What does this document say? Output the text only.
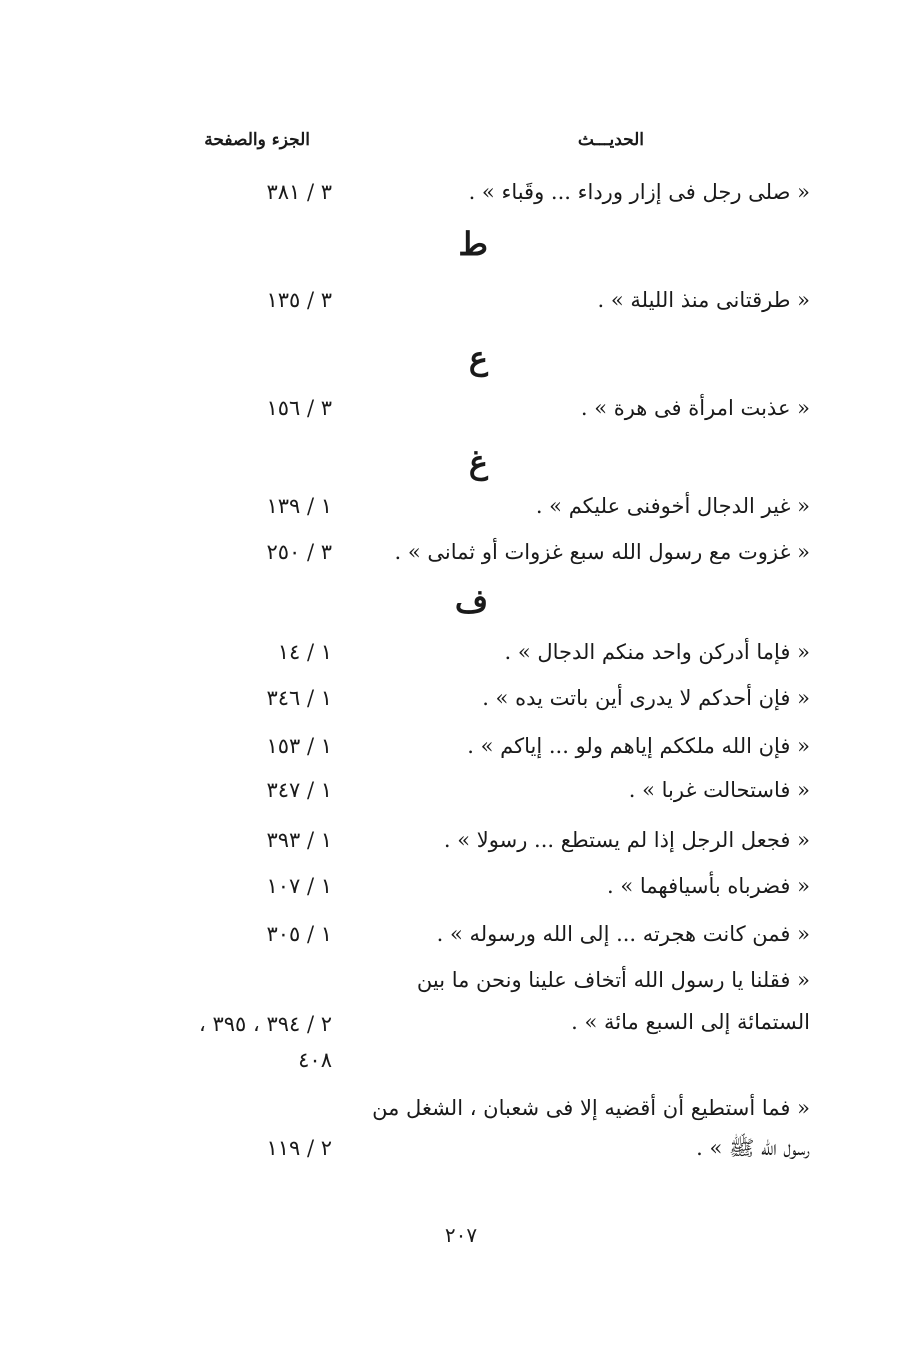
الحديـــث
الجزء والصفحة
« صلى رجل فى إزار ورداء ... وقَباء » .
٣ / ٣٨١
ط
« طرقتانى منذ الليلة » .
٣ / ١٣٥
ع
« عذبت امرأة فى هرة » .
٣ / ١٥٦
غ
« غير الدجال أخوفنى عليكم » .
١ / ١٣٩
« غزوت مع رسول الله سبع غزوات أو ثمانى » .
٣ / ٢٥٠
ف
« فإما أدركن واحد منكم الدجال » .
١ / ١٤
« فإن أحدكم لا يدرى أين باتت يده » .
١ / ٣٤٦
« فإن الله ملككم إياهم ولو ... إياكم » .
١ / ١٥٣
« فاستحالت غربا » .
١ / ٣٤٧
« فجعل الرجل إذا لم يستطع ... رسولا » .
١ / ٣٩٣
« فضرباه بأسيافهما » .
١ / ١٠٧
« فمن كانت هجرته ... إلى الله ورسوله » .
١ / ٣٠٥
« فقلنا يا رسول الله أتخاف علينا ونحن ما بين
الستمائة إلى السبع مائة » .
٢ / ٣٩٤ ، ٣٩٥ ،
٤٠٨
« فما أستطيع أن أقضيه إلا فى شعبان ، الشغل من
رسول الله ﷺ » .
٢ / ١١٩
٢٠٧
